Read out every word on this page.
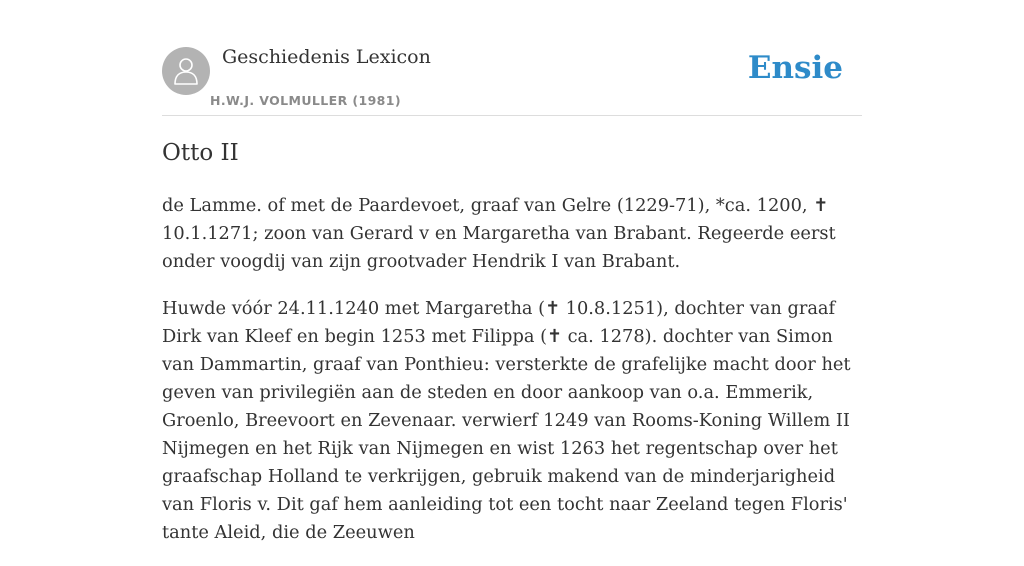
Geschiedenis Lexicon
H.W.J. VOLMULLER (1981)
Ensie
Otto II

de Lamme. of met de Paardevoet, graaf van Gelre (1229-71), *ca. 1200, ✝ 10.1.1271; zoon van Gerard v en Margaretha van Brabant. Regeerde eerst onder voogdij van zijn grootvader Hendrik I van Brabant.

Huwde vóór 24.11.1240 met Margaretha (✝ 10.8.1251), dochter van graaf Dirk van Kleef en begin 1253 met Filippa (✝ ca. 1278). dochter van Simon van Dammartin, graaf van Ponthieu: versterkte de grafelijke macht door het geven van privilegiën aan de steden en door aankoop van o.a. Emmerik, Groenlo, Breevoort en Zevenaar. verwierf 1249 van Rooms-Koning Willem II Nijmegen en het Rijk van Nijmegen en wist 1263 het regentschap over het graafschap Holland te verkrijgen, gebruik makend van de minderjarigheid van Floris v. Dit gaf hem aanleiding tot een tocht naar Zeeland tegen Floris' tante Aleid, die de Zeeuwen
